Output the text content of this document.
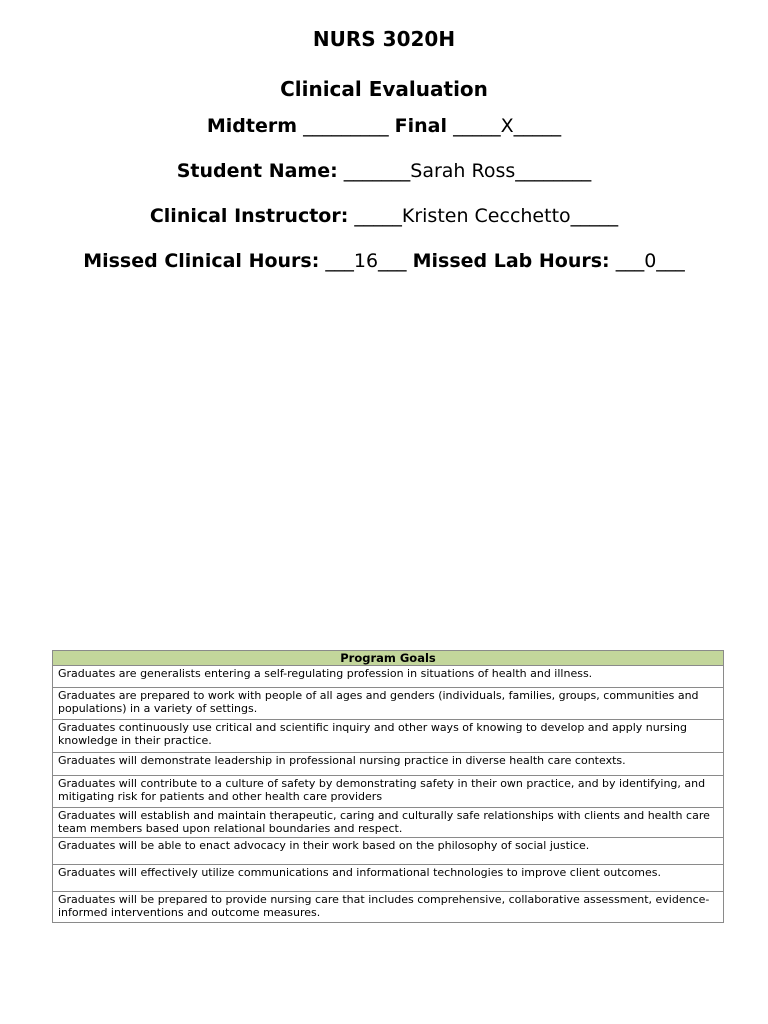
NURS 3020H
Clinical Evaluation
Midterm _________ Final _____X_____
Student Name: _______Sarah Ross________
Clinical Instructor: _____Kristen Cecchetto_____
Missed Clinical Hours: ___16___ Missed Lab Hours: ___0___
Program Goals
Graduates are generalists entering a self-regulating profession in situations of health and illness.
Graduates are prepared to work with people of all ages and genders (individuals, families, groups, communities and populations) in a variety of settings.
Graduates continuously use critical and scientific inquiry and other ways of knowing to develop and apply nursing knowledge in their practice.
Graduates will demonstrate leadership in professional nursing practice in diverse health care contexts.
Graduates will contribute to a culture of safety by demonstrating safety in their own practice, and by identifying, and mitigating risk for patients and other health care providers
Graduates will establish and maintain therapeutic, caring and culturally safe relationships with clients and health care team members based upon relational boundaries and respect.
Graduates will be able to enact advocacy in their work based on the philosophy of social justice.
Graduates will effectively utilize communications and informational technologies to improve client outcomes.
Graduates will be prepared to provide nursing care that includes comprehensive, collaborative assessment, evidence-informed interventions and outcome measures.
